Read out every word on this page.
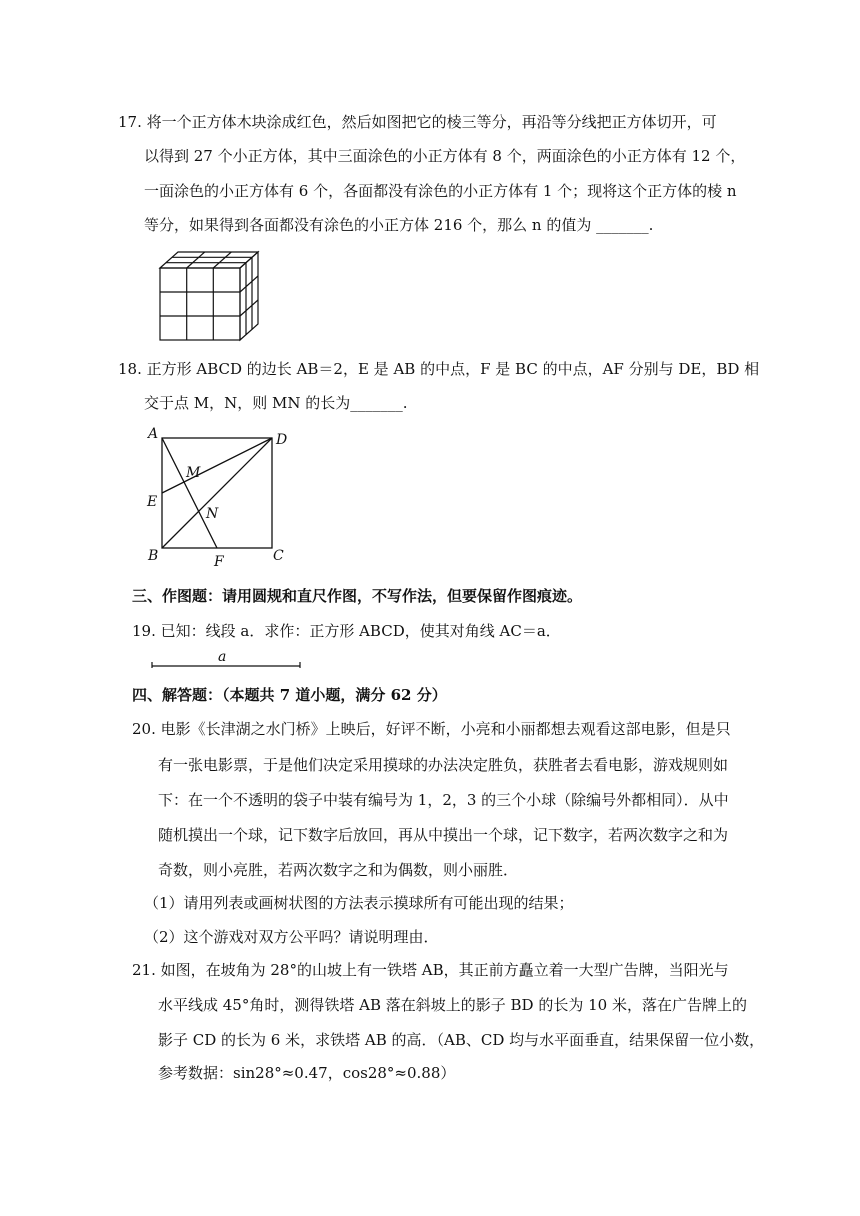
17. 将一个正方体木块涂成红色，然后如图把它的棱三等分，再沿等分线把正方体切开，可
以得到 27 个小正方体，其中三面涂色的小正方体有 8 个，两面涂色的小正方体有 12 个，
一面涂色的小正方体有 6 个，各面都没有涂色的小正方体有 1 个；现将这个正方体的棱 n
等分，如果得到各面都没有涂色的小正方体 216 个，那么 n 的值为 _______.
18. 正方形 ABCD 的边长 AB＝2，E 是 AB 的中点，F 是 BC 的中点，AF 分别与 DE，BD 相
交于点 M，N，则 MN 的长为_______.
A	D
E
B	C
F
M
N
三、作图题：请用圆规和直尺作图，不写作法，但要保留作图痕迹。
19. 已知：线段 a．求作：正方形 ABCD，使其对角线 AC＝a．
a
四、解答题：（本题共 7 道小题，满分 62 分）
20. 电影《长津湖之水门桥》上映后，好评不断，小亮和小丽都想去观看这部电影，但是只
有一张电影票，于是他们决定采用摸球的办法决定胜负，获胜者去看电影，游戏规则如
下：在一个不透明的袋子中装有编号为 1，2，3 的三个小球（除编号外都相同）．从中
随机摸出一个球，记下数字后放回，再从中摸出一个球，记下数字，若两次数字之和为
奇数，则小亮胜，若两次数字之和为偶数，则小丽胜．
（1）请用列表或画树状图的方法表示摸球所有可能出现的结果；
（2）这个游戏对双方公平吗？请说明理由．
21. 如图，在坡角为 28°的山坡上有一铁塔 AB，其正前方矗立着一大型广告牌，当阳光与
水平线成 45°角时，测得铁塔 AB 落在斜坡上的影子 BD 的长为 10 米，落在广告牌上的
影子 CD 的长为 6 米，求铁塔 AB 的高．（AB、CD 均与水平面垂直，结果保留一位小数，
参考数据：sin28°≈0.47，cos28°≈0.88）
